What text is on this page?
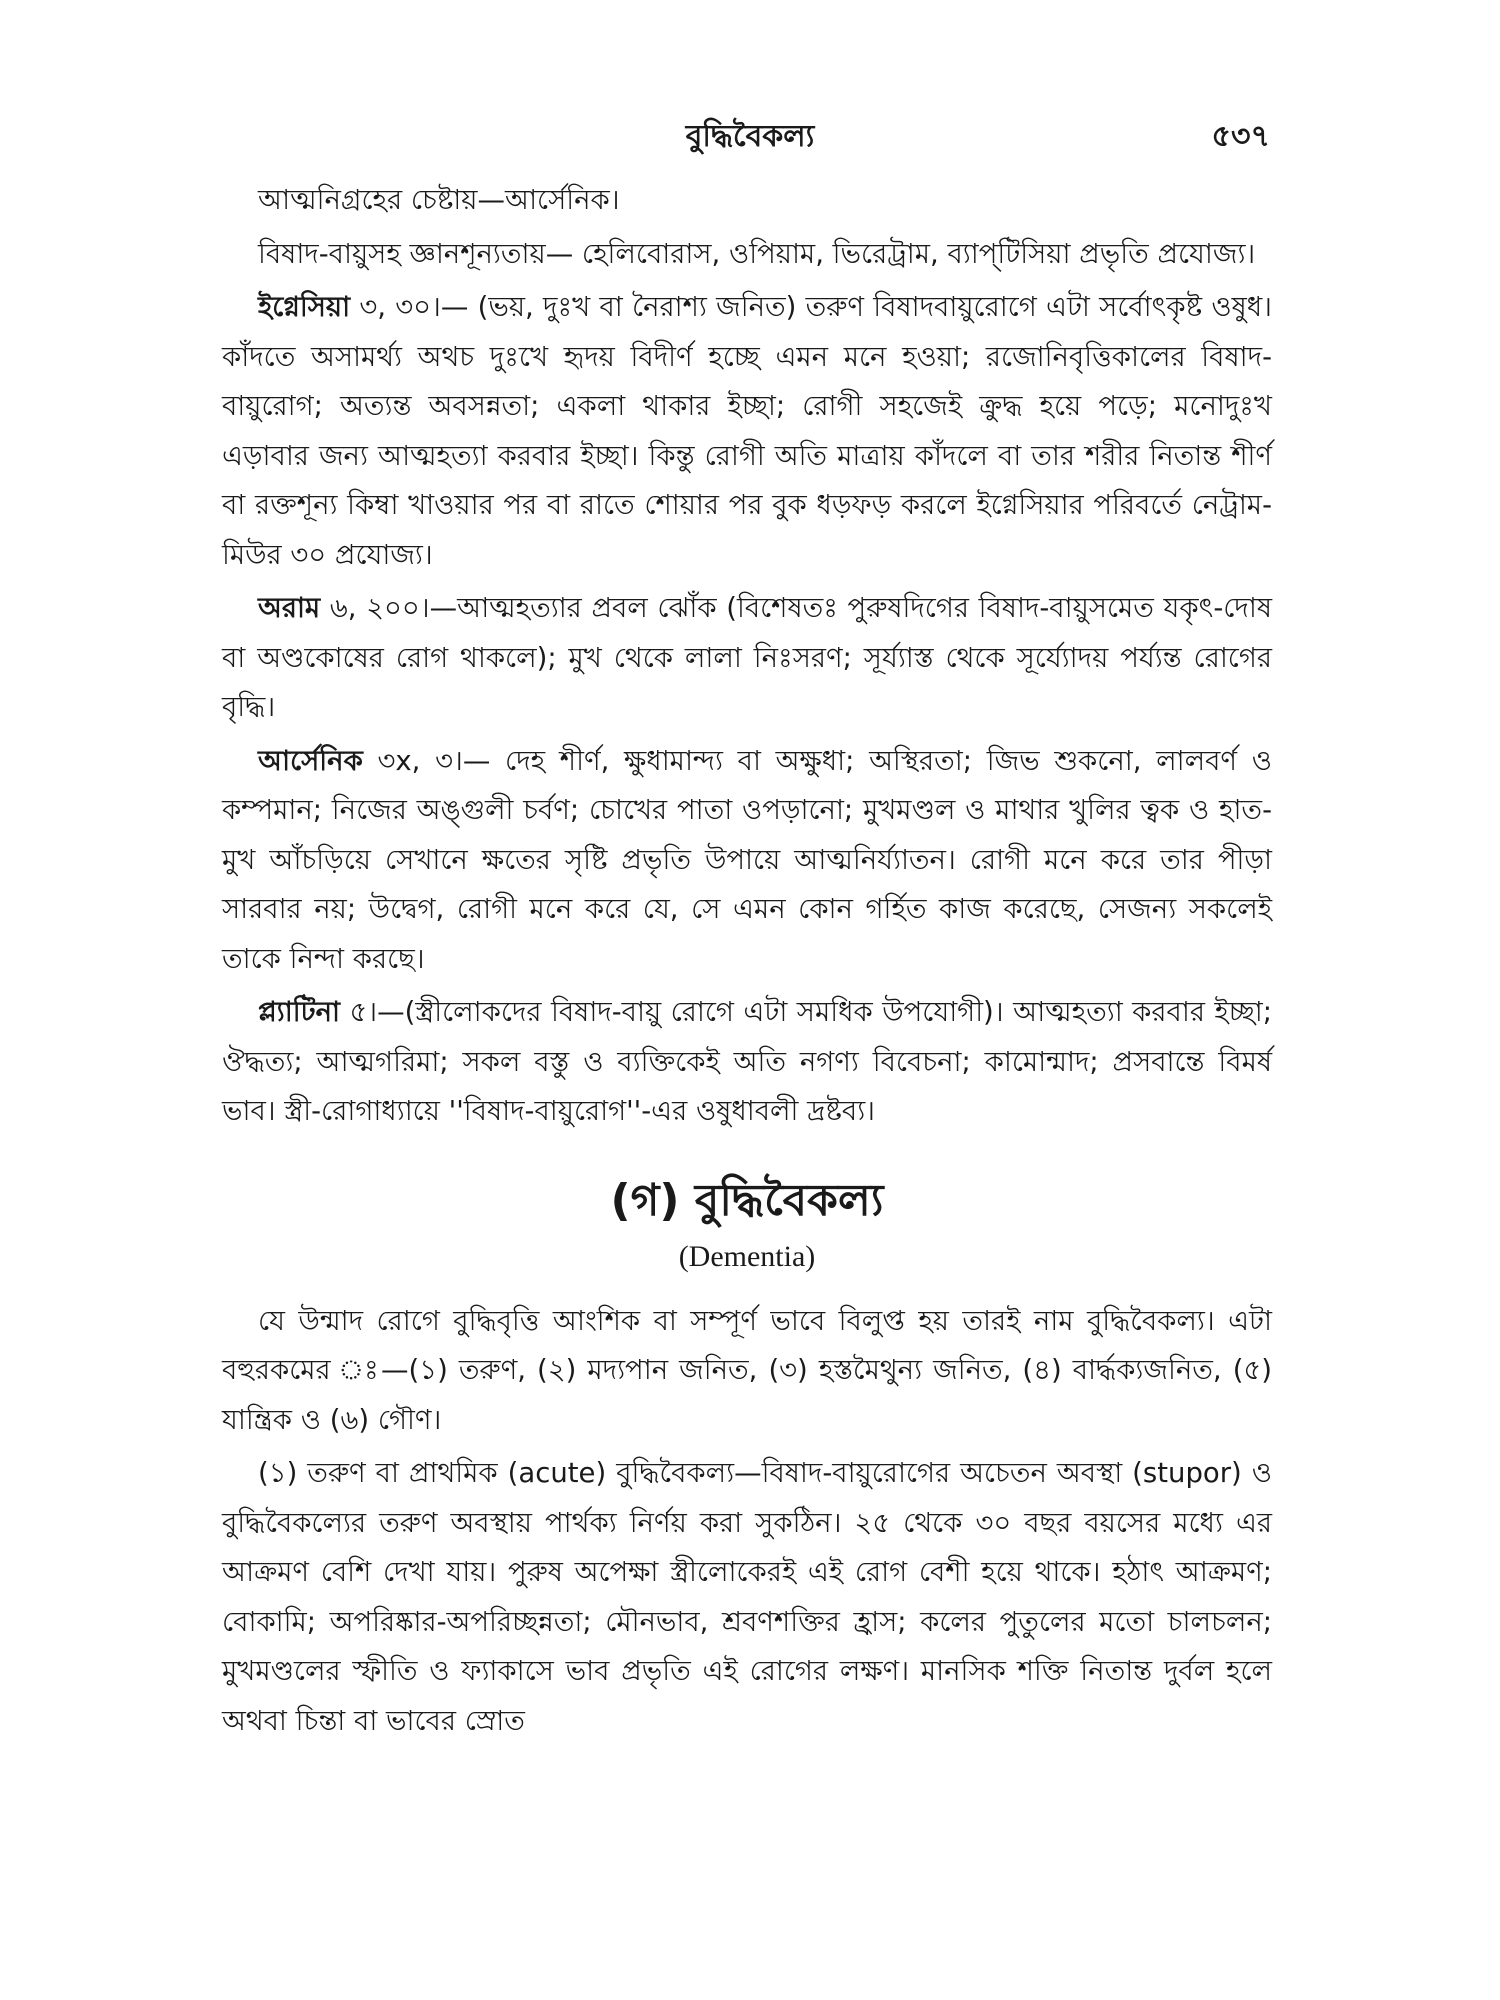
বুদ্ধিবৈকল্য	৫৩৭

আত্মনিগ্রহের চেষ্টায়—আর্সেনিক।

বিষাদ-বায়ুসহ জ্ঞানশূন্যতায়— হেলিবোরাস, ওপিয়াম, ভিরেট্রাম, ব্যাপ্‌টিসিয়া প্রভৃতি প্রযোজ্য।

ইগ্নেসিয়া ৩, ৩০।— (ভয়, দুঃখ বা নৈরাশ্য জনিত) তরুণ বিষাদবায়ুরোগে এটা সর্বোৎকৃষ্ট ওষুধ। কাঁদতে অসামর্থ্য অথচ দুঃখে হৃদয় বিদীর্ণ হচ্ছে এমন মনে হওয়া; রজোনিবৃত্তিকালের বিষাদ-বায়ুরোগ; অত্যন্ত অবসন্নতা; একলা থাকার ইচ্ছা; রোগী সহজেই ক্রুদ্ধ হয়ে পড়ে; মনোদুঃখ এড়াবার জন্য আত্মহত্যা করবার ইচ্ছা। কিন্তু রোগী অতি মাত্রায় কাঁদলে বা তার শরীর নিতান্ত শীর্ণ বা রক্তশূন্য কিম্বা খাওয়ার পর বা রাতে শোয়ার পর বুক ধড়ফড় করলে ইগ্নেসিয়ার পরিবর্তে নেট্রাম-মিউর ৩০ প্রযোজ্য।

অরাম ৬, ২০০।—আত্মহত্যার প্রবল ঝোঁক (বিশেষতঃ পুরুষদিগের বিষাদ-বায়ুসমেত যকৃৎ-দোষ বা অণ্ডকোষের রোগ থাকলে); মুখ থেকে লালা নিঃসরণ; সূর্য্যাস্ত থেকে সূর্য্যোদয় পর্য্যন্ত রোগের বৃদ্ধি।

আর্সেনিক ৩x, ৩।— দেহ শীর্ণ, ক্ষুধামান্দ্য বা অক্ষুধা; অস্থিরতা; জিভ শুকনো, লালবর্ণ ও কম্পমান; নিজের অঙ্গুলী চর্বণ; চোখের পাতা ওপড়ানো; মুখমণ্ডল ও মাথার খুলির ত্বক ও হাত-মুখ আঁচড়িয়ে সেখানে ক্ষতের সৃষ্টি প্রভৃতি উপায়ে আত্মনির্য্যাতন। রোগী মনে করে তার পীড়া সারবার নয়; উদ্বেগ, রোগী মনে করে যে, সে এমন কোন গর্হিত কাজ করেছে, সেজন্য সকলেই তাকে নিন্দা করছে।

প্ল্যাটিনা ৫।—(স্ত্রীলোকদের বিষাদ-বায়ু রোগে এটা সমধিক উপযোগী)। আত্মহত্যা করবার ইচ্ছা; ঔদ্ধত্য; আত্মগরিমা; সকল বস্তু ও ব্যক্তিকেই অতি নগণ্য বিবেচনা; কামোন্মাদ; প্রসবান্তে বিমর্ষ ভাব। স্ত্রী-রোগাধ্যায়ে ''বিষাদ-বায়ুরোগ''-এর ওষুধাবলী দ্রষ্টব্য।

(গ) বুদ্ধিবৈকল্য
(Dementia)

যে উন্মাদ রোগে বুদ্ধিবৃত্তি আংশিক বা সম্পূর্ণ ভাবে বিলুপ্ত হয় তারই নাম বুদ্ধিবৈকল্য। এটা বহুরকমের ঃ—(১) তরুণ, (২) মদ্যপান জনিত, (৩) হস্তমৈথুন্য জনিত, (৪) বার্দ্ধক্যজনিত, (৫) যান্ত্রিক ও (৬) গৌণ।

(১) তরুণ বা প্রাথমিক (acute) বুদ্ধিবৈকল্য—বিষাদ-বায়ুরোগের অচেতন অবস্থা (stupor) ও বুদ্ধিবৈকল্যের তরুণ অবস্থায় পার্থক্য নির্ণয় করা সুকঠিন। ২৫ থেকে ৩০ বছর বয়সের মধ্যে এর আক্রমণ বেশি দেখা যায়। পুরুষ অপেক্ষা স্ত্রীলোকেরই এই রোগ বেশী হয়ে থাকে। হঠাৎ আক্রমণ; বোকামি; অপরিষ্কার-অপরিচ্ছন্নতা; মৌনভাব, শ্রবণশক্তির হ্রাস; কলের পুতুলের মতো চালচলন; মুখমণ্ডলের স্ফীতি ও ফ্যাকাসে ভাব প্রভৃতি এই রোগের লক্ষণ। মানসিক শক্তি নিতান্ত দুর্বল হলে অথবা চিন্তা বা ভাবের স্রোত
